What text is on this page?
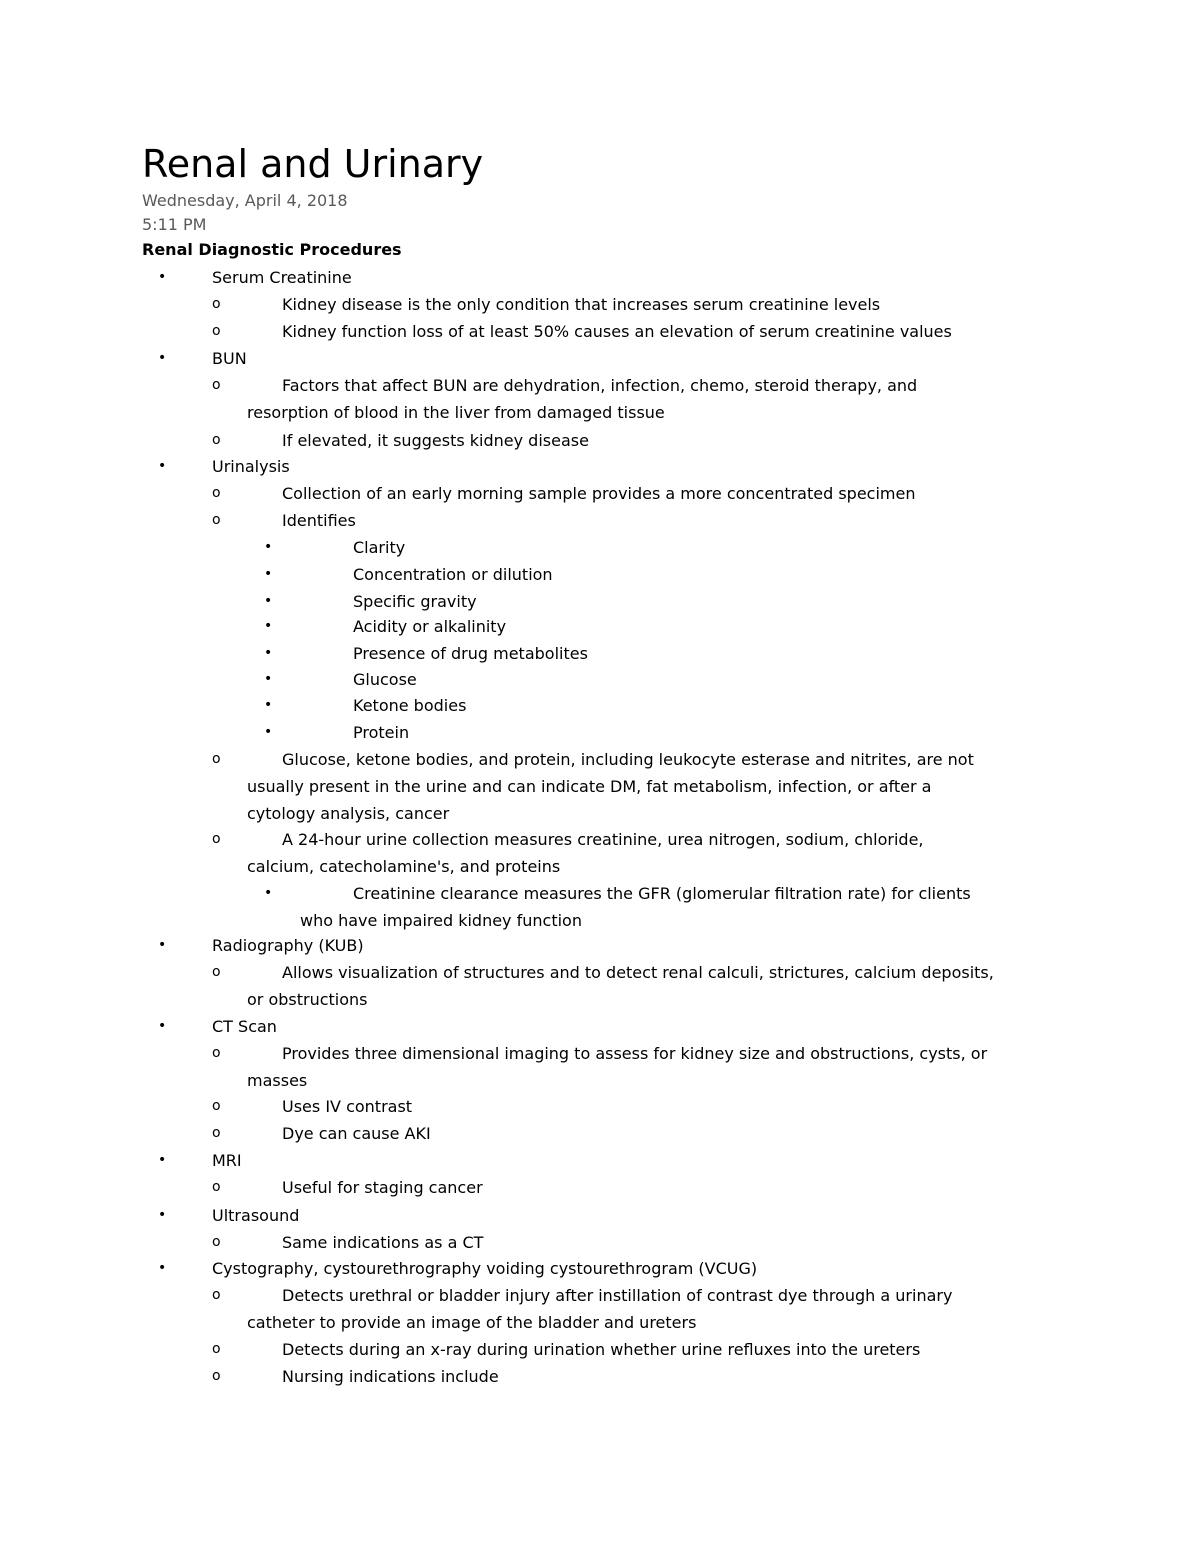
Renal and Urinary
Wednesday, April 4, 2018
5:11 PM
Renal Diagnostic Procedures
•	Serum Creatinine
o	Kidney disease is the only condition that increases serum creatinine levels
o	Kidney function loss of at least 50% causes an elevation of serum creatinine values
•	BUN
o	Factors that affect BUN are dehydration, infection, chemo, steroid therapy, and
resorption of blood in the liver from damaged tissue
o	If elevated, it suggests kidney disease
•	Urinalysis
o	Collection of an early morning sample provides a more concentrated specimen
o	Identifies
•	Clarity
•	Concentration or dilution
•	Specific gravity
•	Acidity or alkalinity
•	Presence of drug metabolites
•	Glucose
•	Ketone bodies
•	Protein
o	Glucose, ketone bodies, and protein, including leukocyte esterase and nitrites, are not
usually present in the urine and can indicate DM, fat metabolism, infection, or after a
cytology analysis, cancer
o	A 24-hour urine collection measures creatinine, urea nitrogen, sodium, chloride,
calcium, catecholamine's, and proteins
•	Creatinine clearance measures the GFR (glomerular filtration rate) for clients
who have impaired kidney function
•	Radiography (KUB)
o	Allows visualization of structures and to detect renal calculi, strictures, calcium deposits,
or obstructions
•	CT Scan
o	Provides three dimensional imaging to assess for kidney size and obstructions, cysts, or
masses
o	Uses IV contrast
o	Dye can cause AKI
•	MRI
o	Useful for staging cancer
•	Ultrasound
o	Same indications as a CT
•	Cystography, cystourethrography voiding cystourethrogram (VCUG)
o	Detects urethral or bladder injury after instillation of contrast dye through a urinary
catheter to provide an image of the bladder and ureters
o	Detects during an x-ray during urination whether urine refluxes into the ureters
o	Nursing indications include
